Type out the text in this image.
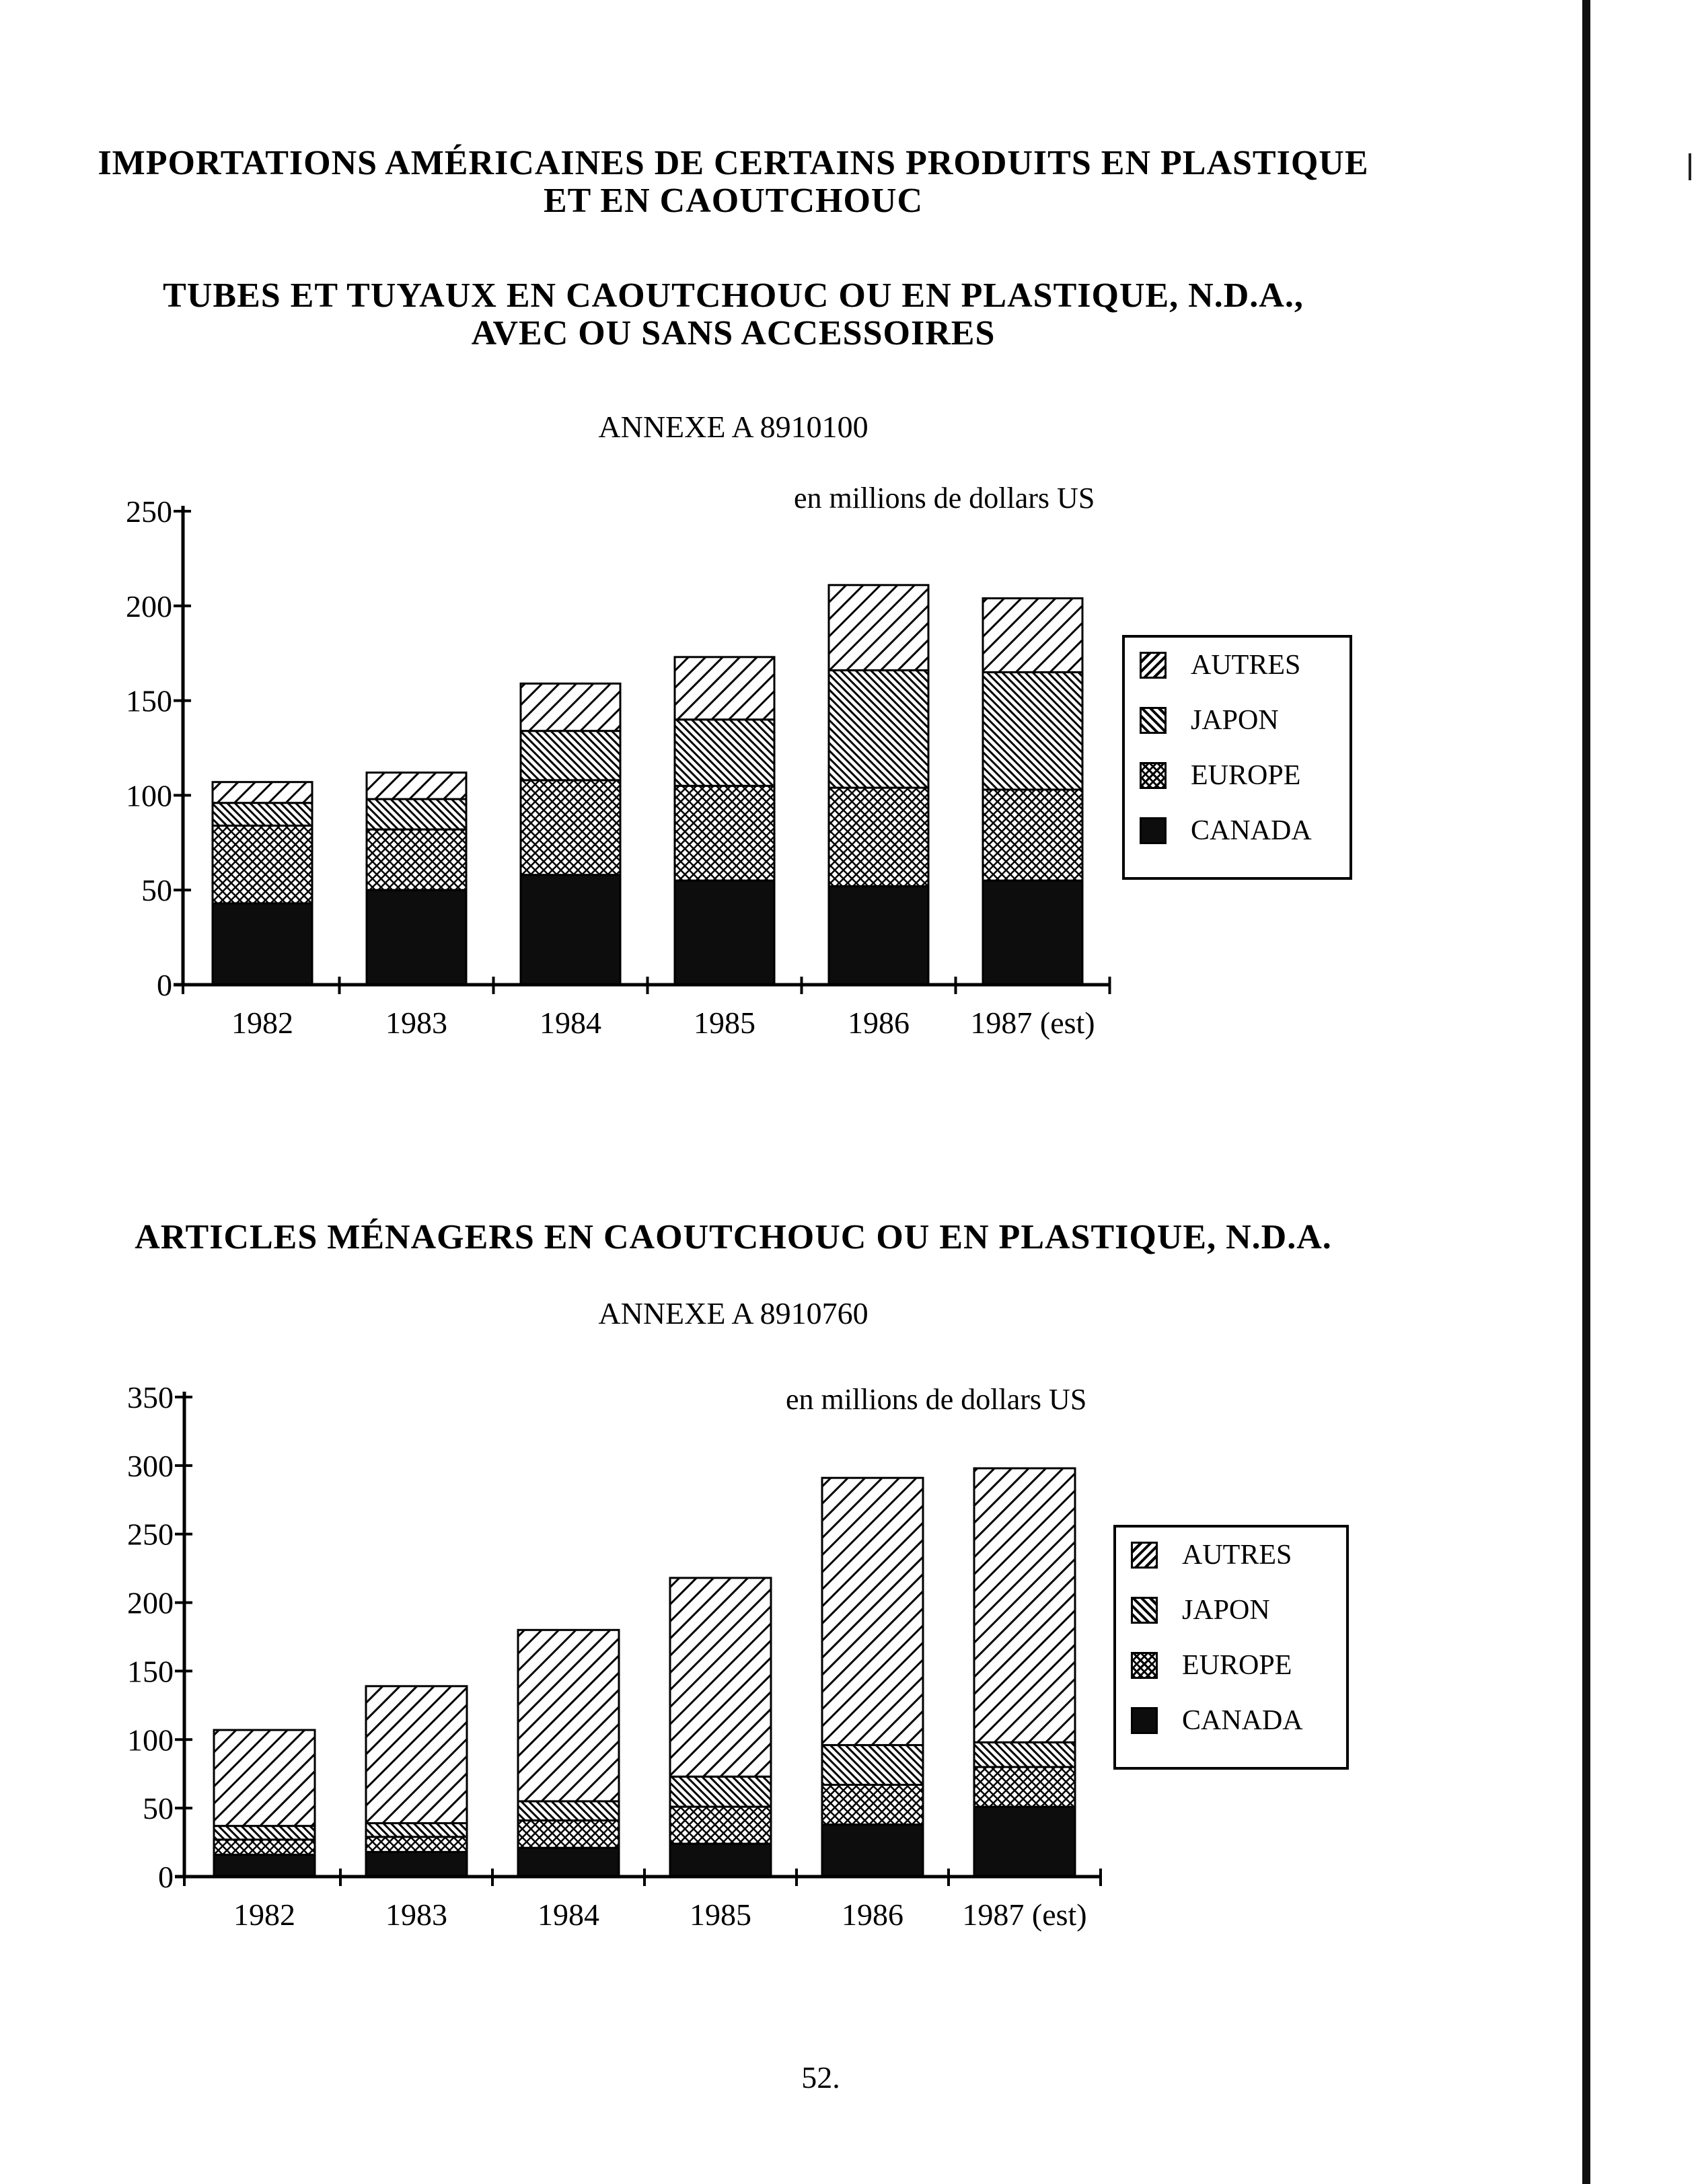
IMPORTATIONS AMÉRICAINES DE CERTAINS PRODUITS EN PLASTIQUE
ET EN CAOUTCHOUC
TUBES ET TUYAUX EN CAOUTCHOUC OU EN PLASTIQUE, N.D.A.,
AVEC OU SANS ACCESSOIRES
ANNEXE A 8910100
en millions de dollars US
1982	1983	1984	1985	1986 1987 (est)
0
50
100
150
200
250
AUTRES
JAPON
EUROPE
CANADA
ARTICLES MÉNAGERS EN CAOUTCHOUC OU EN PLASTIQUE, N.D.A.
ANNEXE A 8910760
en millions de dollars US
1982	1983	1984	1985	1986 1987 (est)
0
50
100
150
200
250
300
350
AUTRES
JAPON
EUROPE
CANADA
52.
